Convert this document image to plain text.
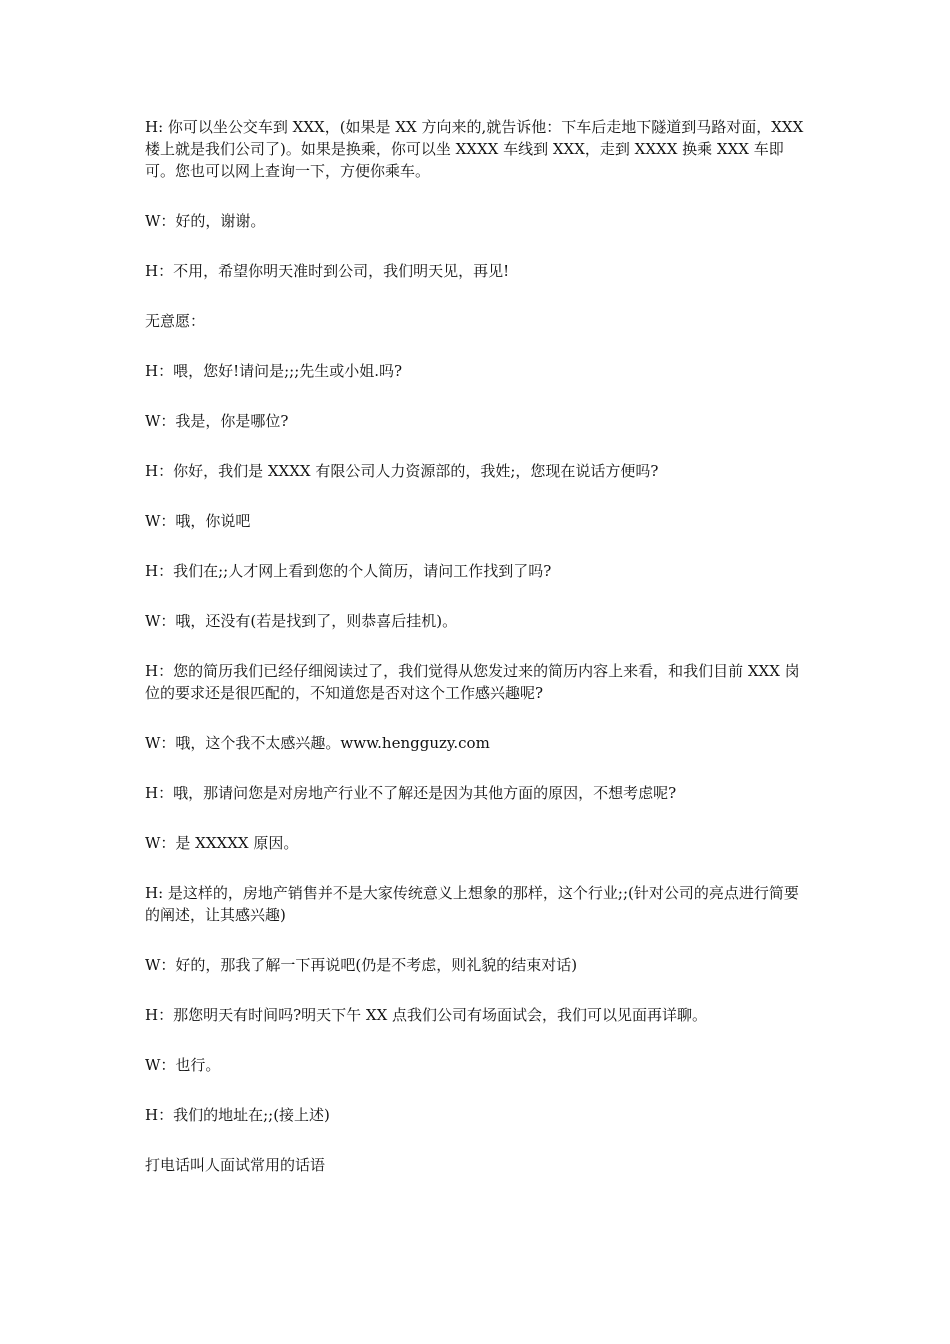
H: 你可以坐公交车到 XXX，(如果是 XX 方向来的,就告诉他：下车后走地下隧道到马路对面，XXX 楼上就是我们公司了)。如果是换乘，你可以坐 XXXX 车线到 XXX，走到 XXXX 换乘 XXX 车即可。您也可以网上查询一下，方便你乘车。

W：好的，谢谢。

H：不用，希望你明天准时到公司，我们明天见，再见!

无意愿：

H：喂，您好!请问是;;;先生或小姐.吗?

W：我是，你是哪位?

H：你好，我们是 XXXX 有限公司人力资源部的，我姓;，您现在说话方便吗?

W：哦，你说吧

H：我们在;;人才网上看到您的个人简历，请问工作找到了吗?

W：哦，还没有(若是找到了，则恭喜后挂机)。

H：您的简历我们已经仔细阅读过了，我们觉得从您发过来的简历内容上来看，和我们目前 XXX 岗位的要求还是很匹配的，不知道您是否对这个工作感兴趣呢?

W：哦，这个我不太感兴趣。www.hengguzy.com

H：哦，那请问您是对房地产行业不了解还是因为其他方面的原因，不想考虑呢?

W：是 XXXXX 原因。

H: 是这样的，房地产销售并不是大家传统意义上想象的那样，这个行业;;(针对公司的亮点进行简要的阐述，让其感兴趣)

W：好的，那我了解一下再说吧(仍是不考虑，则礼貌的结束对话)

H：那您明天有时间吗?明天下午 XX 点我们公司有场面试会，我们可以见面再详聊。

W：也行。

H：我们的地址在;;(接上述)

打电话叫人面试常用的话语
